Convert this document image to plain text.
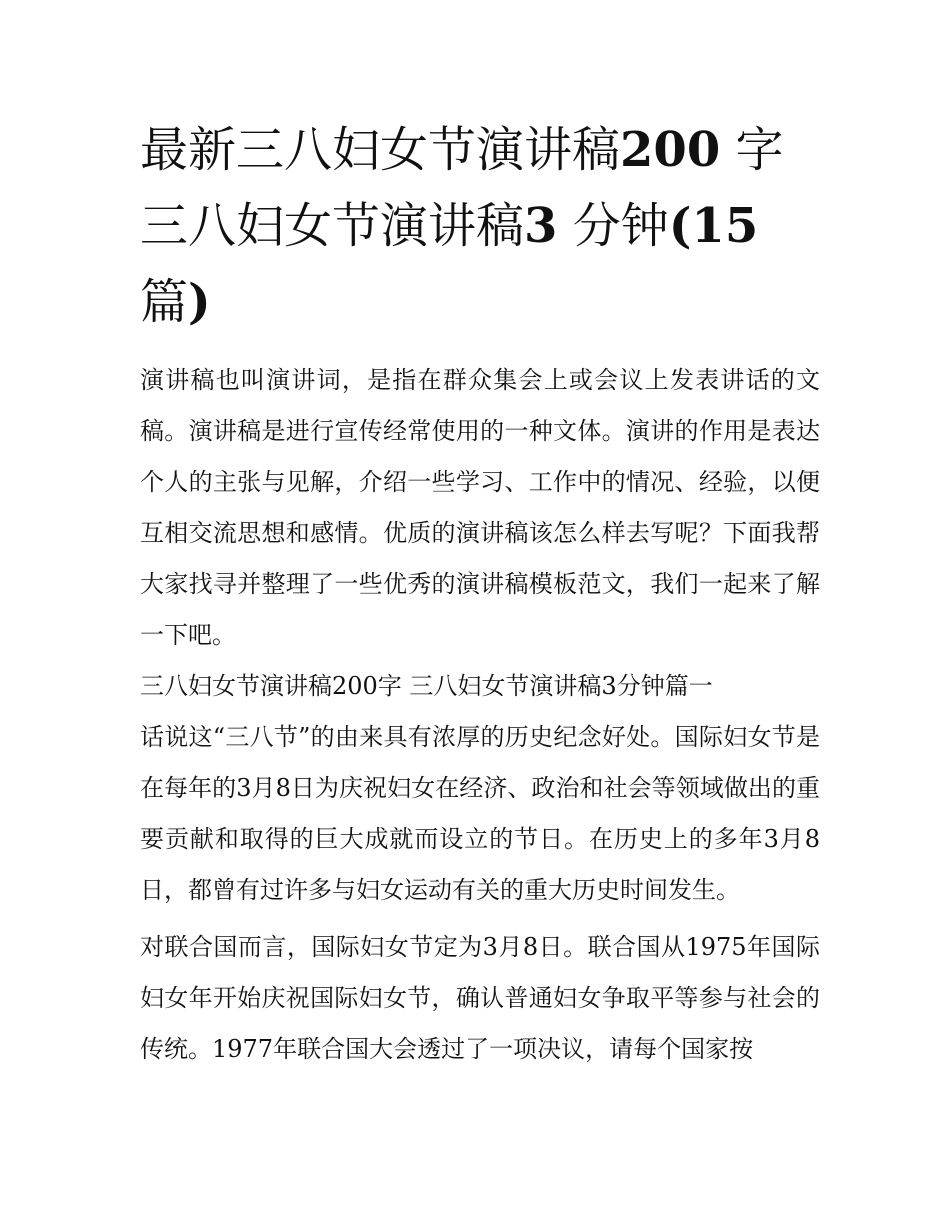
最新三八妇女节演讲稿200 字三八妇女节演讲稿3 分钟(15 篇)

演讲稿也叫演讲词，是指在群众集会上或会议上发表讲话的文稿。演讲稿是进行宣传经常使用的一种文体。演讲的作用是表达个人的主张与见解，介绍一些学习、工作中的情况、经验，以便互相交流思想和感情。优质的演讲稿该怎么样去写呢？下面我帮大家找寻并整理了一些优秀的演讲稿模板范文，我们一起来了解一下吧。

三八妇女节演讲稿200字 三八妇女节演讲稿3分钟篇一

话说这“三八节”的由来具有浓厚的历史纪念好处。国际妇女节是在每年的3月8日为庆祝妇女在经济、政治和社会等领域做出的重要贡献和取得的巨大成就而设立的节日。在历史上的多年3月8日，都曾有过许多与妇女运动有关的重大历史时间发生。

对联合国而言，国际妇女节定为3月8日。联合国从1975年国际妇女年开始庆祝国际妇女节，确认普通妇女争取平等参与社会的传统。1977年联合国大会透过了一项决议，请每个国家按
